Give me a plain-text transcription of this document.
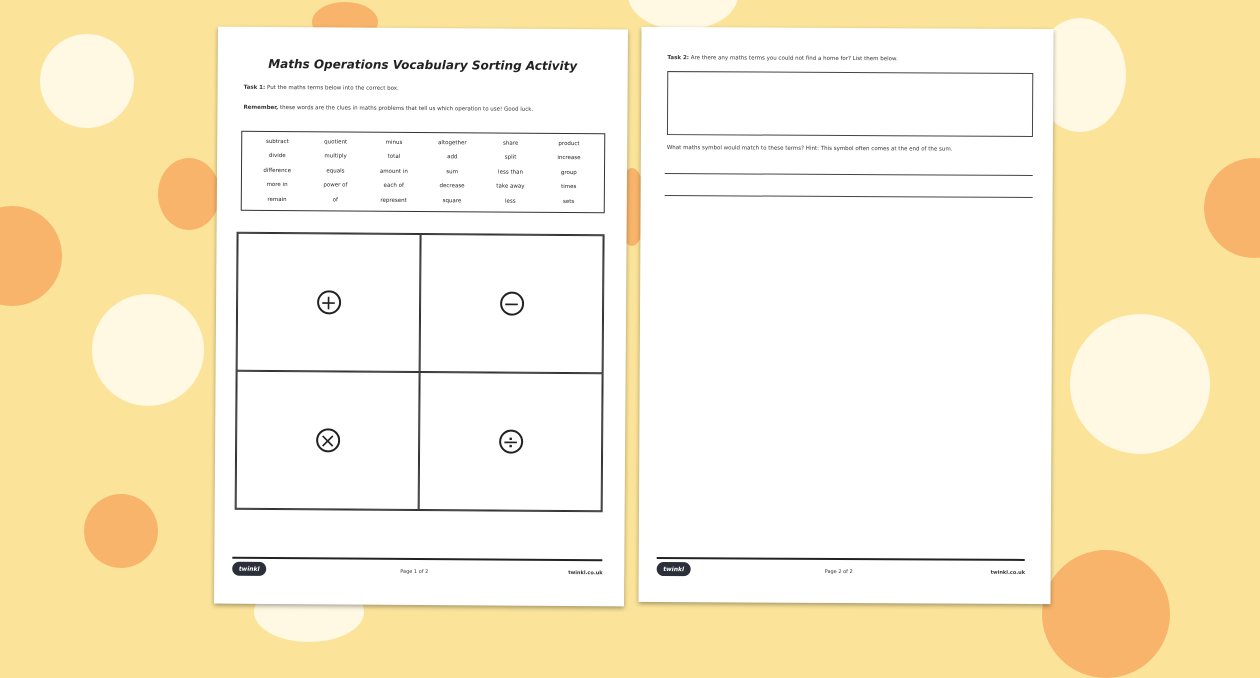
Maths Operations Vocabulary Sorting Activity
Task 1: Put the maths terms below into the correct box.
Remember, these words are the clues in maths problems that tell us which operation to use! Good luck.
subtract	quotient	minus	altogether	share	product
divide	multiply	total	add	split	increase
difference	equals	amount in	sum	less than	group
more in	power of	each of	decrease	take away	times
remain	of	represent	square	less	sets
+	−
×	÷
twinkl	Page 1 of 2	twinkl.co.uk
Task 2: Are there any maths terms you could not find a home for? List them below.
What maths symbol would match to these terms? Hint: This symbol often comes at the end of the sum.
twinkl	Page 2 of 2	twinkl.co.uk
